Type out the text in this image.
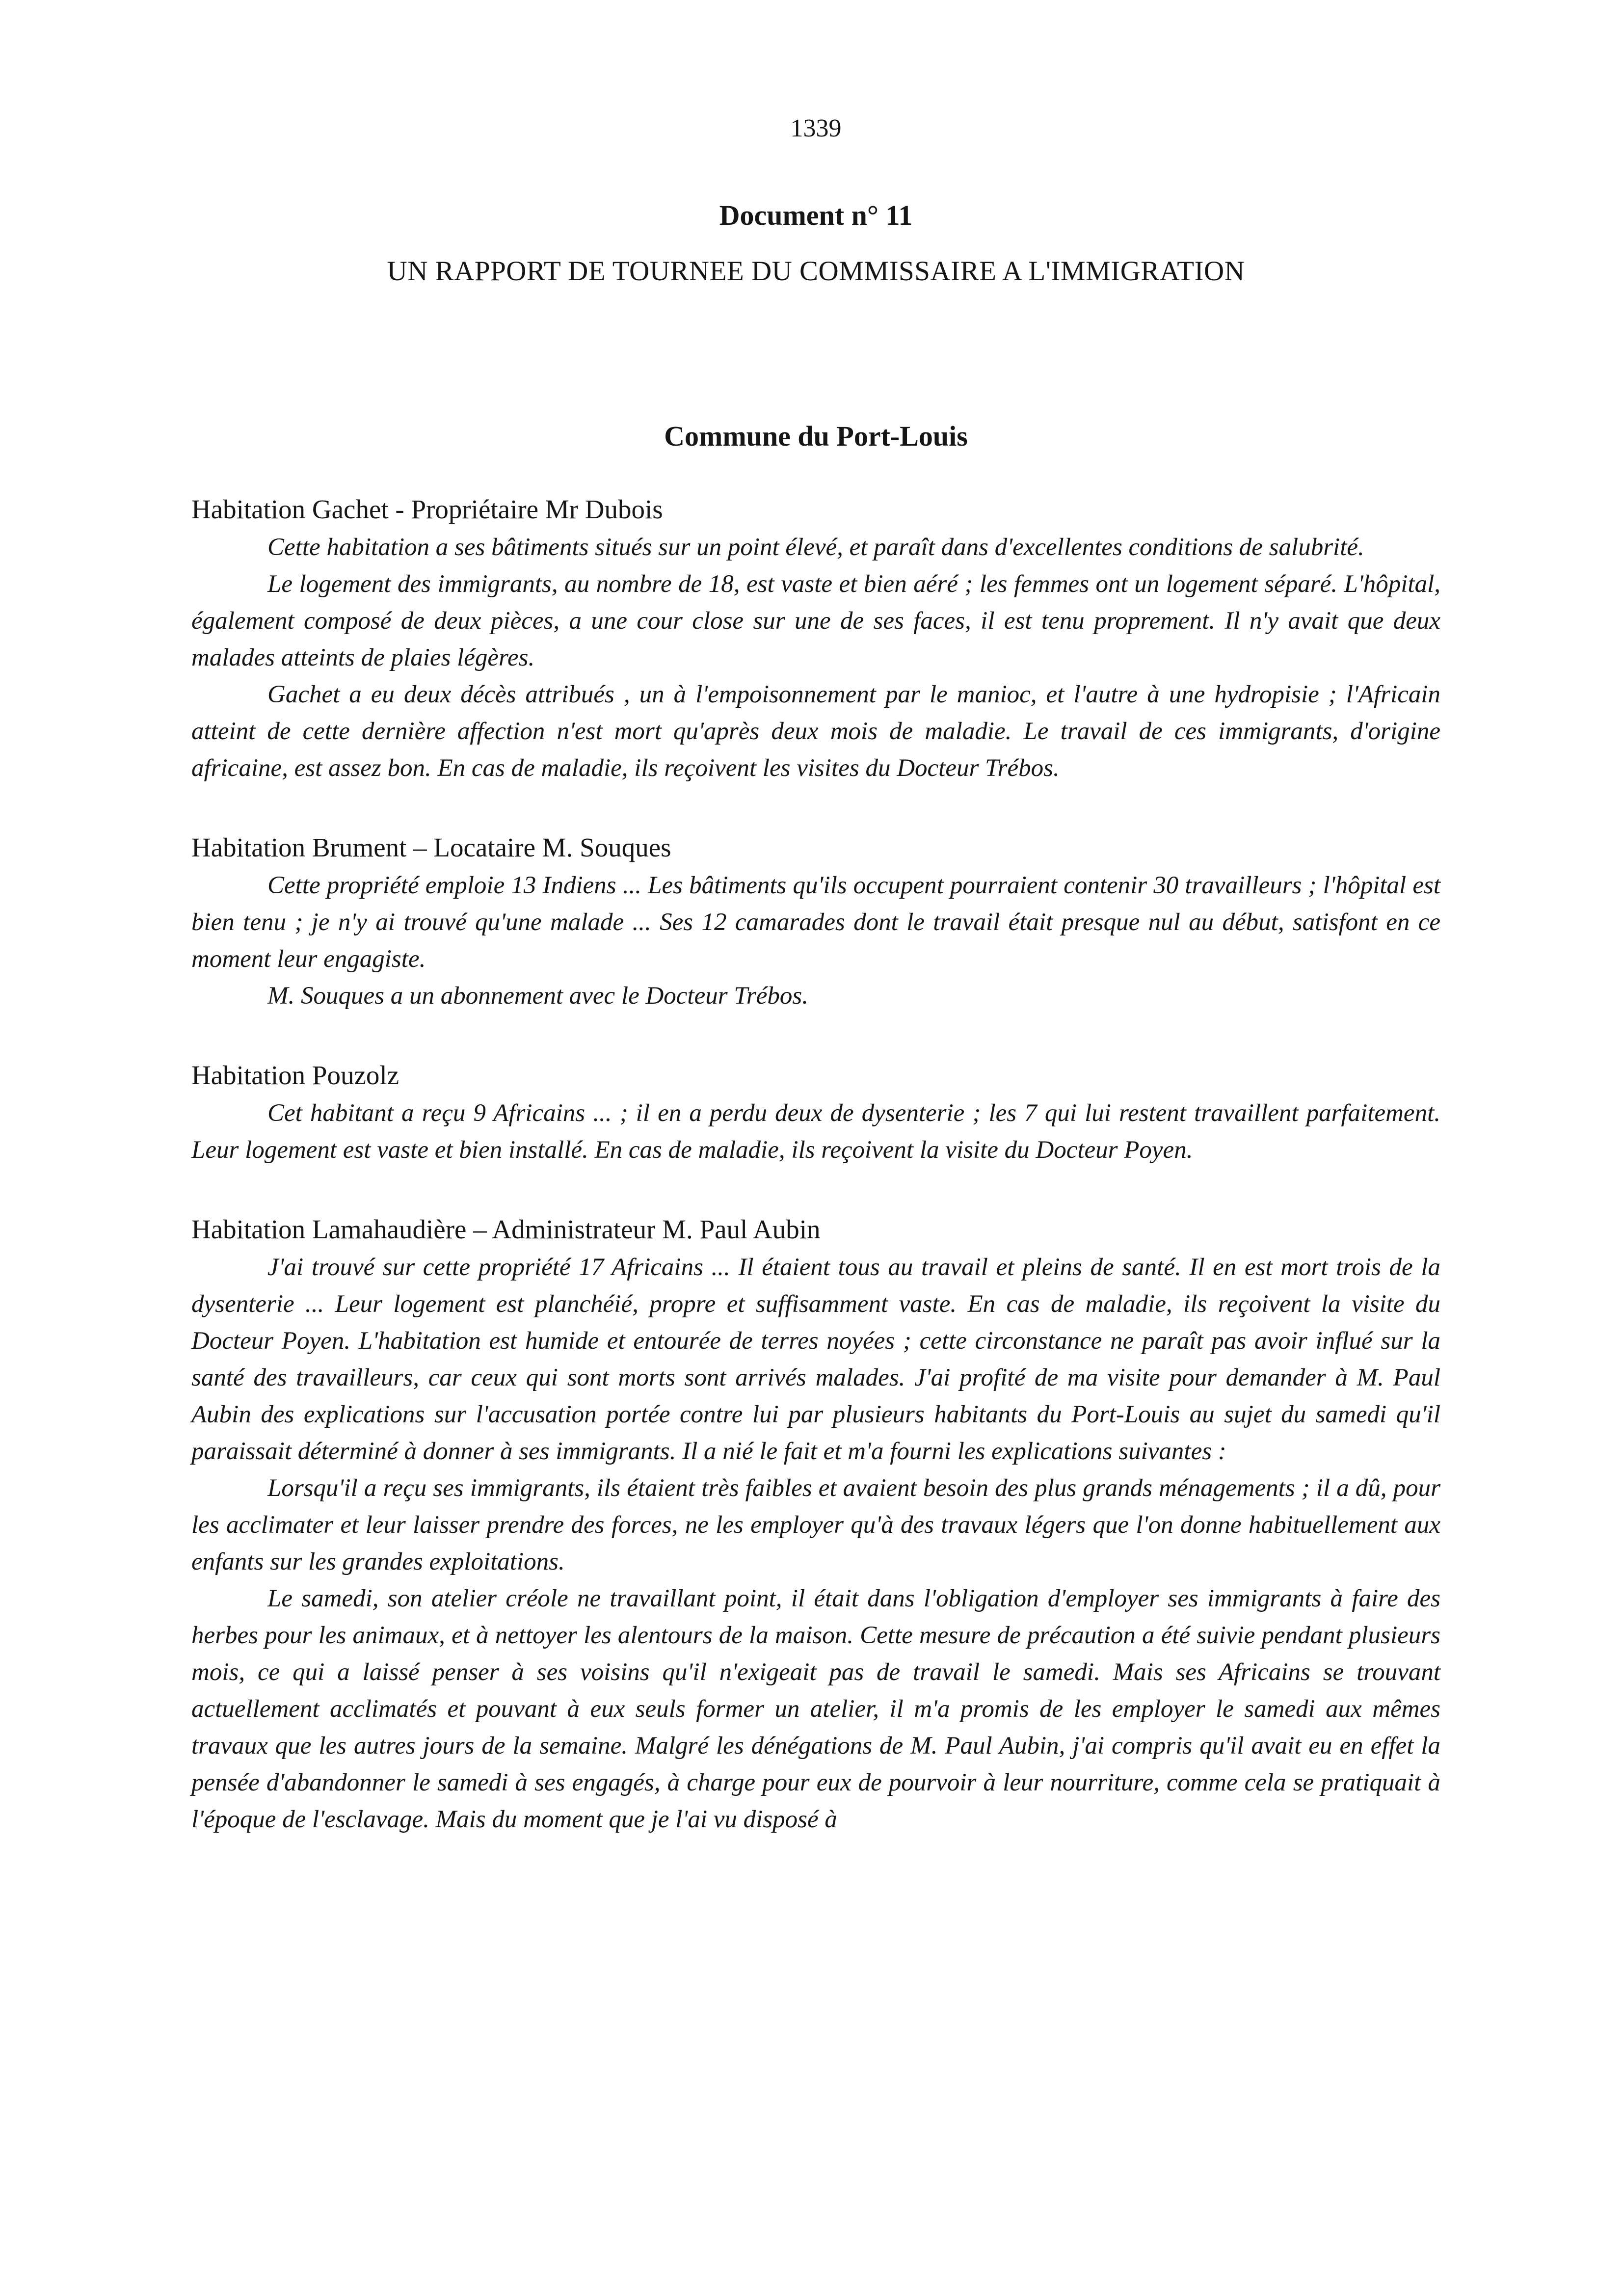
1339
Document n° 11
UN RAPPORT DE TOURNEE DU COMMISSAIRE A L'IMMIGRATION
Commune du Port-Louis
Habitation Gachet - Propriétaire Mr Dubois

Cette habitation a ses bâtiments situés sur un point élevé, et paraît dans d'excellentes conditions de salubrité.

Le logement des immigrants, au nombre de 18, est vaste et bien aéré ; les femmes ont un logement séparé. L'hôpital, également composé de deux pièces, a une cour close sur une de ses faces, il est tenu proprement. Il n'y avait que deux malades atteints de plaies légères.

Gachet a eu deux décès attribués , un à l'empoisonnement par le manioc, et l'autre à une hydropisie ; l'Africain atteint de cette dernière affection n'est mort qu'après deux mois de maladie. Le travail de ces immigrants, d'origine africaine, est assez bon. En cas de maladie, ils reçoivent les visites du Docteur Trébos.

Habitation Brument – Locataire M. Souques

Cette propriété emploie 13 Indiens ... Les bâtiments qu'ils occupent pourraient contenir 30 travailleurs ; l'hôpital est bien tenu ; je n'y ai trouvé qu'une malade ... Ses 12 camarades dont le travail était presque nul au début, satisfont en ce moment leur engagiste.

M. Souques a un abonnement avec le Docteur Trébos.

Habitation Pouzolz

Cet habitant a reçu 9 Africains ... ; il en a perdu deux de dysenterie ; les 7 qui lui restent travaillent parfaitement. Leur logement est vaste et bien installé. En cas de maladie, ils reçoivent la visite du Docteur Poyen.

Habitation Lamahaudière – Administrateur M. Paul Aubin

J'ai trouvé sur cette propriété 17 Africains ... Il étaient tous au travail et pleins de santé. Il en est mort trois de la dysenterie ... Leur logement est planchéié, propre et suffisamment vaste. En cas de maladie, ils reçoivent la visite du Docteur Poyen. L'habitation est humide et entourée de terres noyées ; cette circonstance ne paraît pas avoir influé sur la santé des travailleurs, car ceux qui sont morts sont arrivés malades. J'ai profité de ma visite pour demander à M. Paul Aubin des explications sur l'accusation portée contre lui par plusieurs habitants du Port-Louis au sujet du samedi qu'il paraissait déterminé à donner à ses immigrants. Il a nié le fait et m'a fourni les explications suivantes :

Lorsqu'il a reçu ses immigrants, ils étaient très faibles et avaient besoin des plus grands ménagements ; il a dû, pour les acclimater et leur laisser prendre des forces, ne les employer qu'à des travaux légers que l'on donne habituellement aux enfants sur les grandes exploitations.

Le samedi, son atelier créole ne travaillant point, il était dans l'obligation d'employer ses immigrants à faire des herbes pour les animaux, et à nettoyer les alentours de la maison. Cette mesure de précaution a été suivie pendant plusieurs mois, ce qui a laissé penser à ses voisins qu'il n'exigeait pas de travail le samedi. Mais ses Africains se trouvant actuellement acclimatés et pouvant à eux seuls former un atelier, il m'a promis de les employer le samedi aux mêmes travaux que les autres jours de la semaine. Malgré les dénégations de M. Paul Aubin, j'ai compris qu'il avait eu en effet la pensée d'abandonner le samedi à ses engagés, à charge pour eux de pourvoir à leur nourriture, comme cela se pratiquait à l'époque de l'esclavage. Mais du moment que je l'ai vu disposé à
